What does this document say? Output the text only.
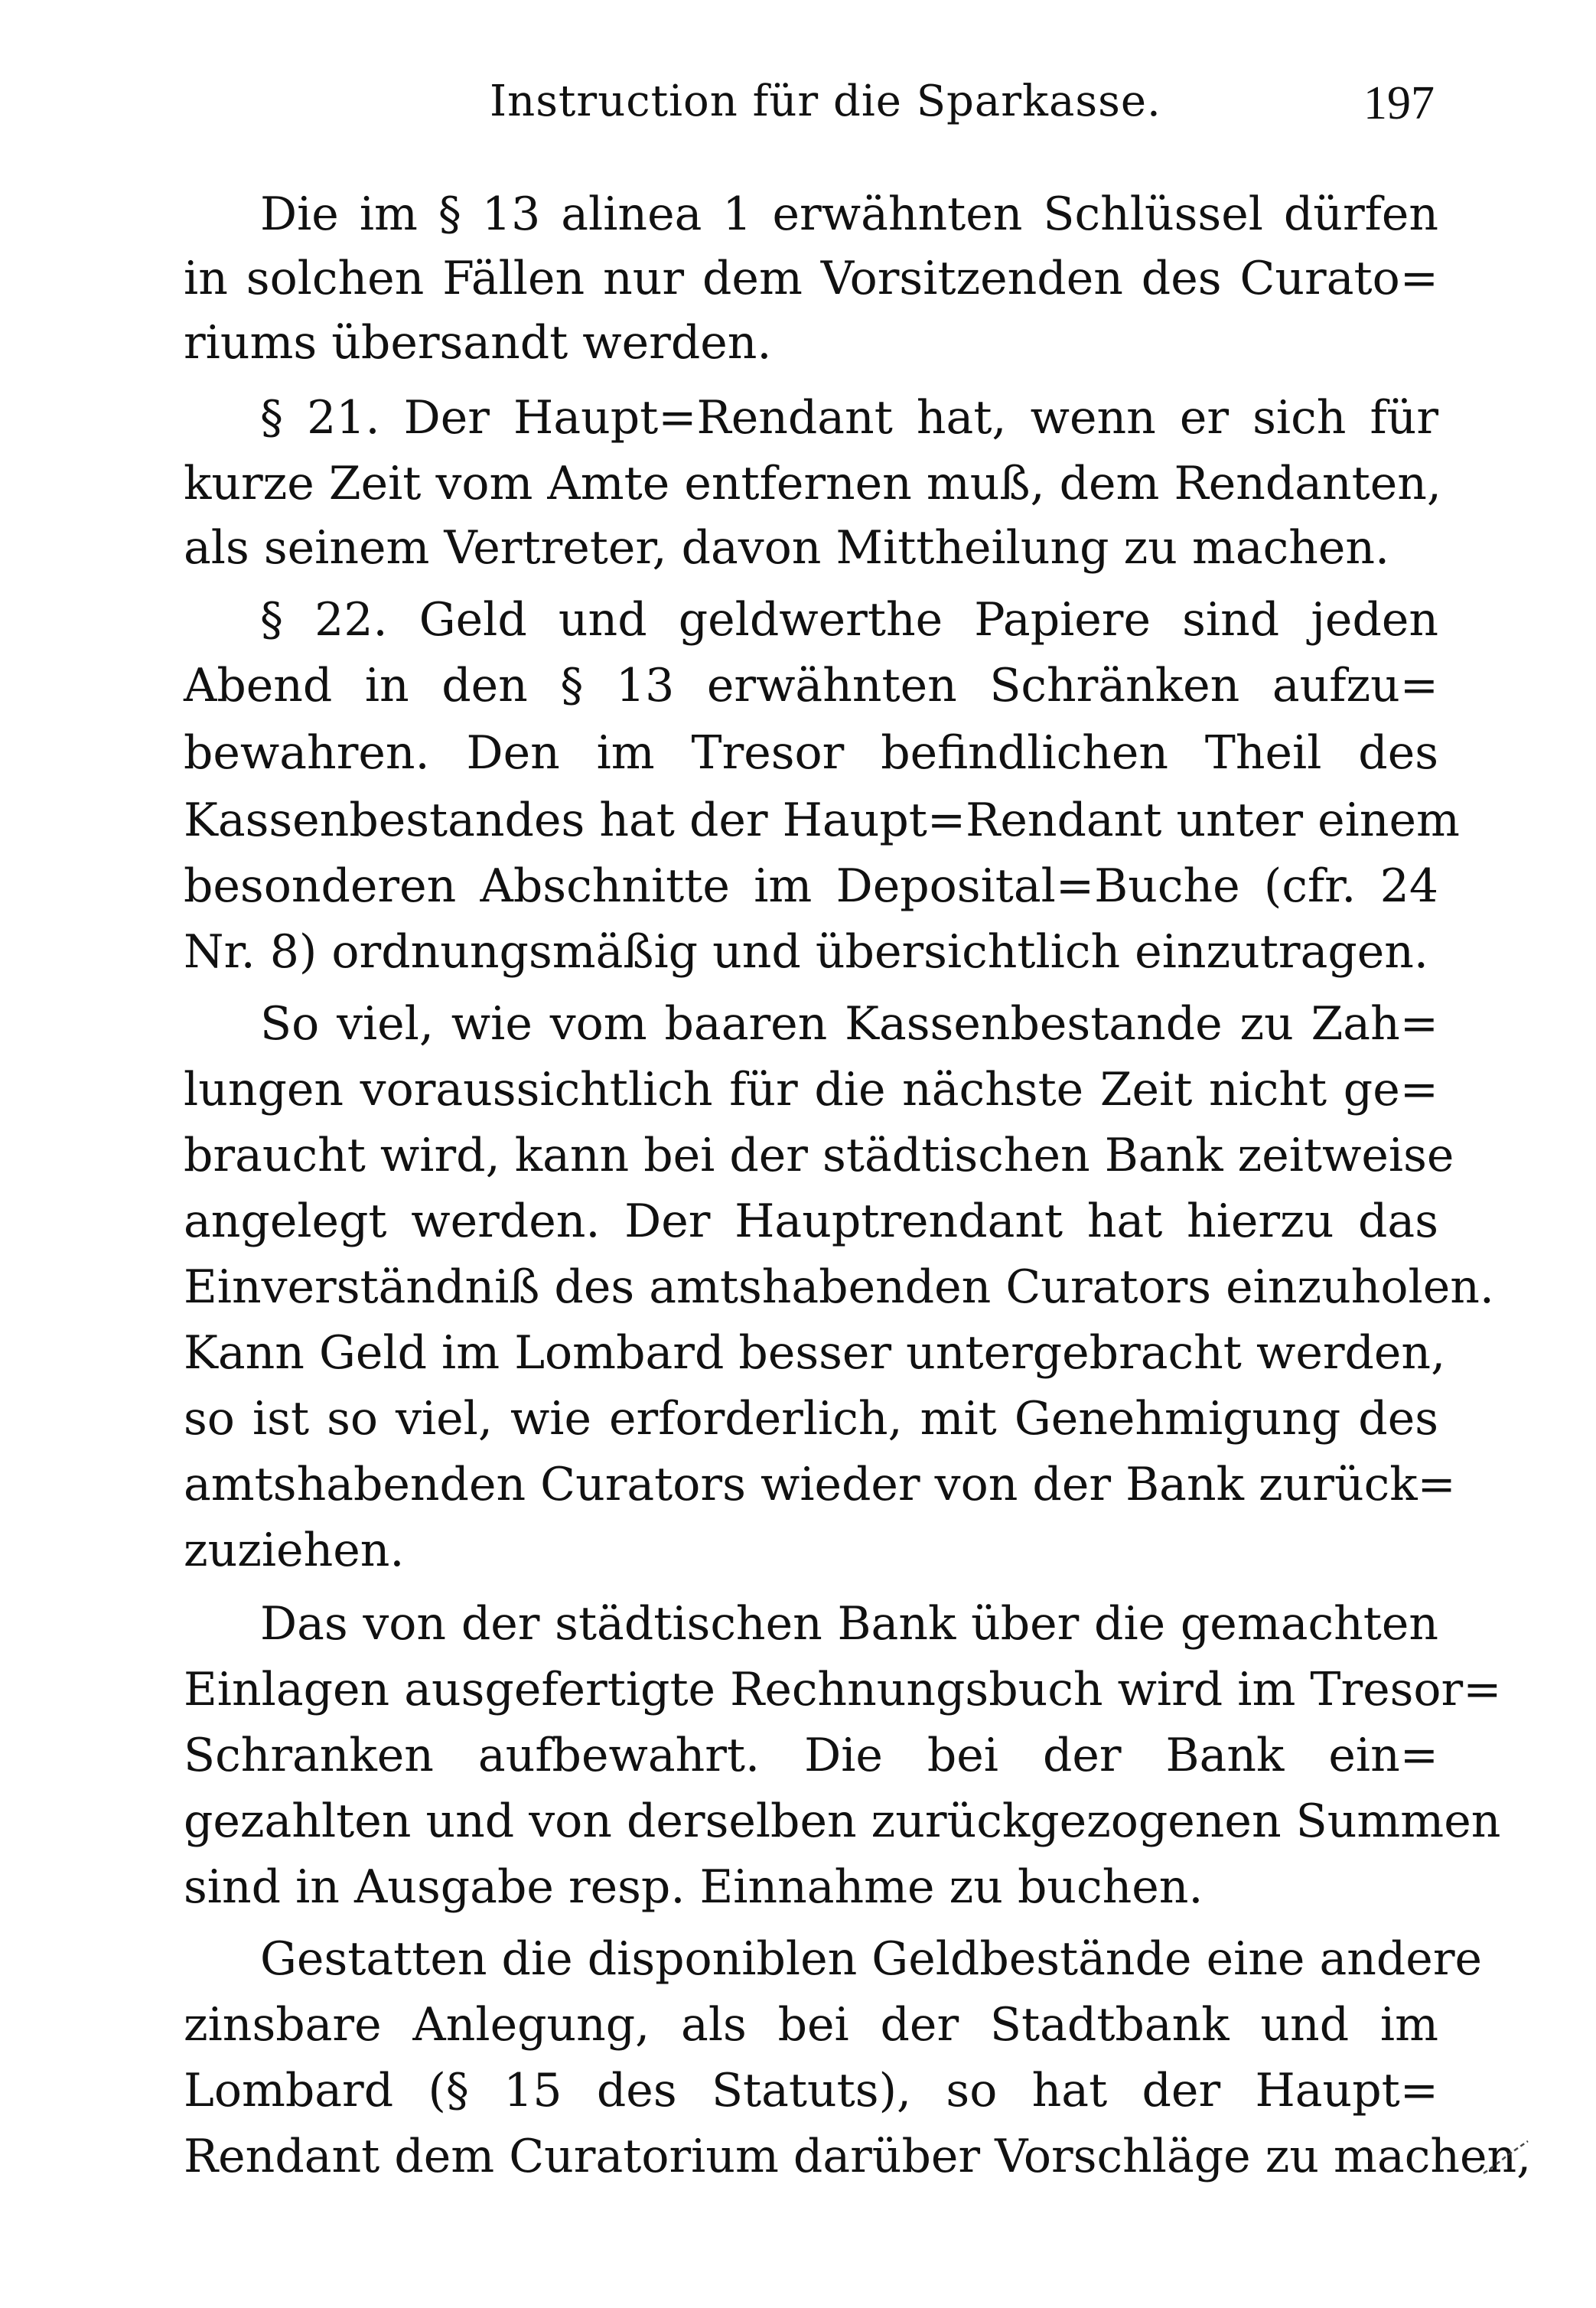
Instruction für die Sparkasse.	197
Die im § 13 alinea 1 erwähnten Schlüssel dürfen
in solchen Fällen nur dem Vorsitzenden des Curato=
riums übersandt werden.
§ 21. Der Haupt=Rendant hat, wenn er sich für
kurze Zeit vom Amte entfernen muß, dem Rendanten,
als seinem Vertreter, davon Mittheilung zu machen.
§ 22. Geld und geldwerthe Papiere sind jeden
Abend in den § 13 erwähnten Schränken aufzu=
bewahren. Den im Tresor befindlichen Theil des
Kassenbestandes hat der Haupt=Rendant unter einem
besonderen Abschnitte im Deposital=Buche (cfr. 24
Nr. 8) ordnungsmäßig und übersichtlich einzutragen.
So viel, wie vom baaren Kassenbestande zu Zah=
lungen voraussichtlich für die nächste Zeit nicht ge=
braucht wird, kann bei der städtischen Bank zeitweise
angelegt werden. Der Hauptrendant hat hierzu das
Einverständniß des amtshabenden Curators einzuholen.
Kann Geld im Lombard besser untergebracht werden,
so ist so viel, wie erforderlich, mit Genehmigung des
amtshabenden Curators wieder von der Bank zurück=
zuziehen.
Das von der städtischen Bank über die gemachten
Einlagen ausgefertigte Rechnungsbuch wird im Tresor=
Schranken aufbewahrt. Die bei der Bank ein=
gezahlten und von derselben zurückgezogenen Summen
sind in Ausgabe resp. Einnahme zu buchen.
Gestatten die disponiblen Geldbestände eine andere
zinsbare Anlegung, als bei der Stadtbank und im
Lombard (§ 15 des Statuts), so hat der Haupt=
Rendant dem Curatorium darüber Vorschläge zu machen,
